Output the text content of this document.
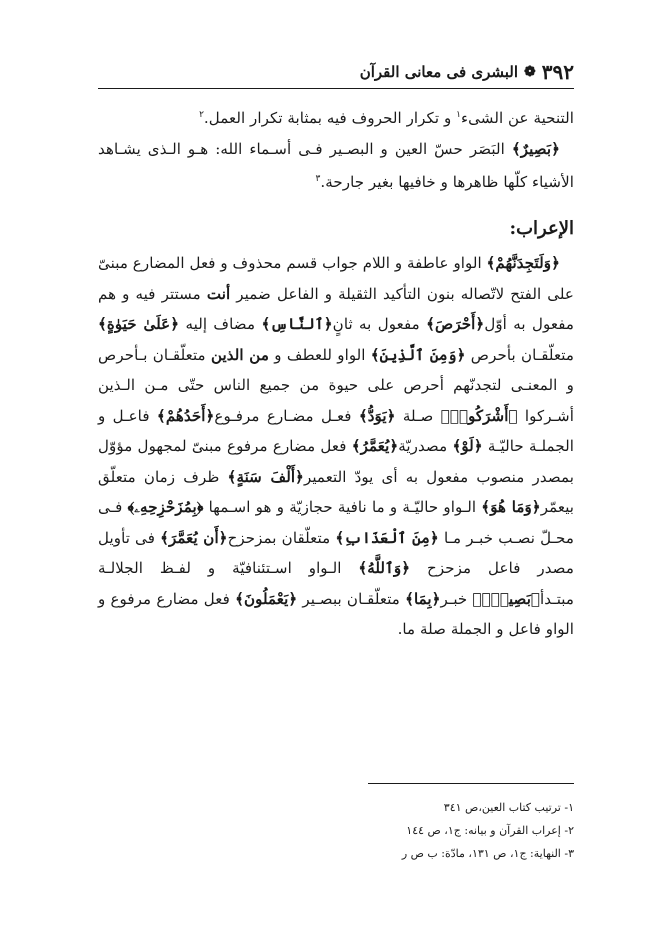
٣٩٢
❁
البشرى فى معانى القرآن

التنحية عن الشىء$^١$ و تكرار الحروف فيه بمثابة تكرار العمل.$^٢$

﴿بَصِيرٌ﴾ البَصَر حسّ العين و البصـير فـى أسـماء الله: هـو الـذى يشـاهد الأشياء كلّها ظاهرها و خافيها بغير جارحة.$^٣$

الإعراب:

﴿وَلَتَجِدَنَّهُمْ﴾ الواو عاطفة و اللام جواب قسم محذوف و فعل المضارع مبنىّ على الفتح لاتّصاله بنون التأكيد الثقيلة و الفاعل ضمير أنت مستتر فيه و هم مفعول به أوّل﴿أَحْرَصَ﴾ مفعول به ثانٍ﴿ٱلنَّاسِ﴾ مضاف إليه ﴿عَلَىٰ حَيَوٰةٍ﴾ متعلّقـان بأحرص ﴿وَمِنَ ٱلَّذِينَ﴾ الواو للعطف و من الذين متعلّقـان بـأحرص و المعنـى لتجدنّهم أحرص على حيوة من جميع الناس حتّى مـن الـذين أشـركوا ﴿أَشْرَكُوا۟﴾ صـلة ﴿يَوَدُّ﴾ فعـل مضـارع مرفـوع﴿أَحَدُهُمْ﴾ فاعـل و الجملـة حاليّـة ﴿لَوْ﴾ مصدريّة﴿يُعَمَّرُ﴾ فعل مضارع مرفوع مبنىّ لمجهول مؤوّل بمصدر منصوب مفعول به أى يودّ التعمير﴿أَلْفَ سَنَةٍ﴾ ظرف زمان متعلّق بيعمّر﴿وَمَا هُوَ﴾ الـواو حاليّـة و ما نافية حجازيّة و هو اسـمها ﴿بِمُزَحْزِحِهِۦ﴾ فـى محـلّ نصـب خبـر مـا ﴿مِنَ ٱلْعَذَابِ﴾ متعلّقان بمزحزح﴿أَن يُعَمَّرَ﴾ فى تأويل مصدر فاعل مزحزح ﴿وَٱللَّهُ﴾ الـواو اسـتئنافيّة و لفـظ الجلالـة مبتـدأ﴿بَصِيرٌۢ﴾ خبـر﴿بِمَا﴾ متعلّقـان ببصـير ﴿يَعْمَلُونَ﴾ فعل مضارع مرفوع و الواو فاعل و الجملة صلة ما.

١- ترتيب كتاب العين،ص ٣٤١
٢- إعراب القرآن و بيانه: ج١، ص ١٤٤
٣- النهاية: ج١، ص ١٣١، مادّة: ب ص ر
